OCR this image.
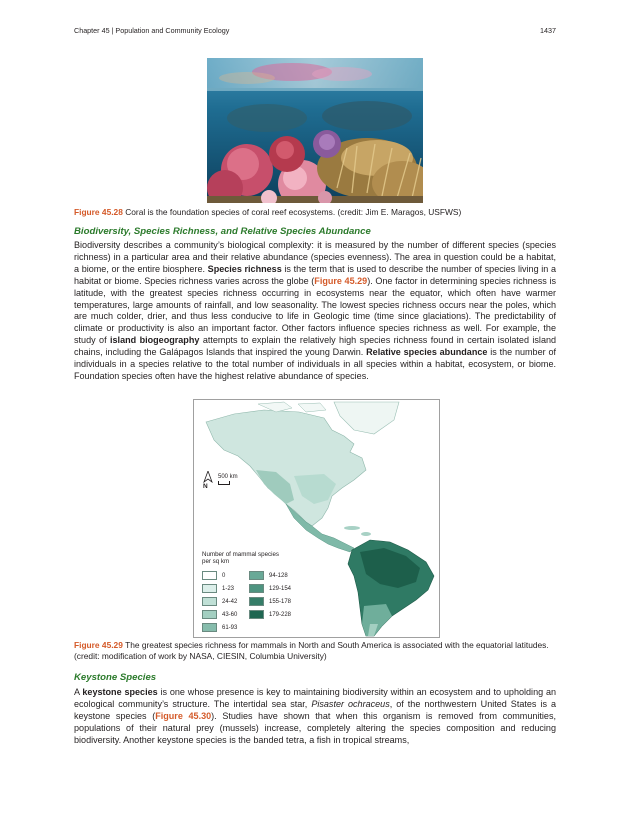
Chapter 45 | Population and Community Ecology	1437
Figure 45.28 Coral is the foundation species of coral reef ecosystems. (credit: Jim E. Maragos, USFWS)
Biodiversity, Species Richness, and Relative Species Abundance

Biodiversity describes a community’s biological complexity: it is measured by the number of different species (species richness) in a particular area and their relative abundance (species evenness). The area in question could be a habitat, a biome, or the entire biosphere. Species richness is the term that is used to describe the number of species living in a habitat or biome. Species richness varies across the globe (Figure 45.29). One factor in determining species richness is latitude, with the greatest species richness occurring in ecosystems near the equator, which often have warmer temperatures, large amounts of rainfall, and low seasonality. The lowest species richness occurs near the poles, which are much colder, drier, and thus less conducive to life in Geologic time (time since glaciations). The predictability of climate or productivity is also an important factor. Other factors influence species richness as well. For example, the study of island biogeography attempts to explain the relatively high species richness found in certain isolated island chains, including the Galápagos Islands that inspired the young Darwin. Relative species abundance is the number of individuals in a species relative to the total number of individuals in all species within a habitat, ecosystem, or biome. Foundation species often have the highest relative abundance of species.

N
500 km
Number of mammal species per sq km
0
1-23
24-42
43-60
61-93
94-128
129-154
155-178
179-228
Figure 45.29 The greatest species richness for mammals in North and South America is associated with the equatorial latitudes. (credit: modification of work by NASA, CIESIN, Columbia University)
Keystone Species

A keystone species is one whose presence is key to maintaining biodiversity within an ecosystem and to upholding an ecological community’s structure. The intertidal sea star, Pisaster ochraceus, of the northwestern United States is a keystone species (Figure 45.30). Studies have shown that when this organism is removed from communities, populations of their natural prey (mussels) increase, completely altering the species composition and reducing biodiversity. Another keystone species is the banded tetra, a fish in tropical streams,
